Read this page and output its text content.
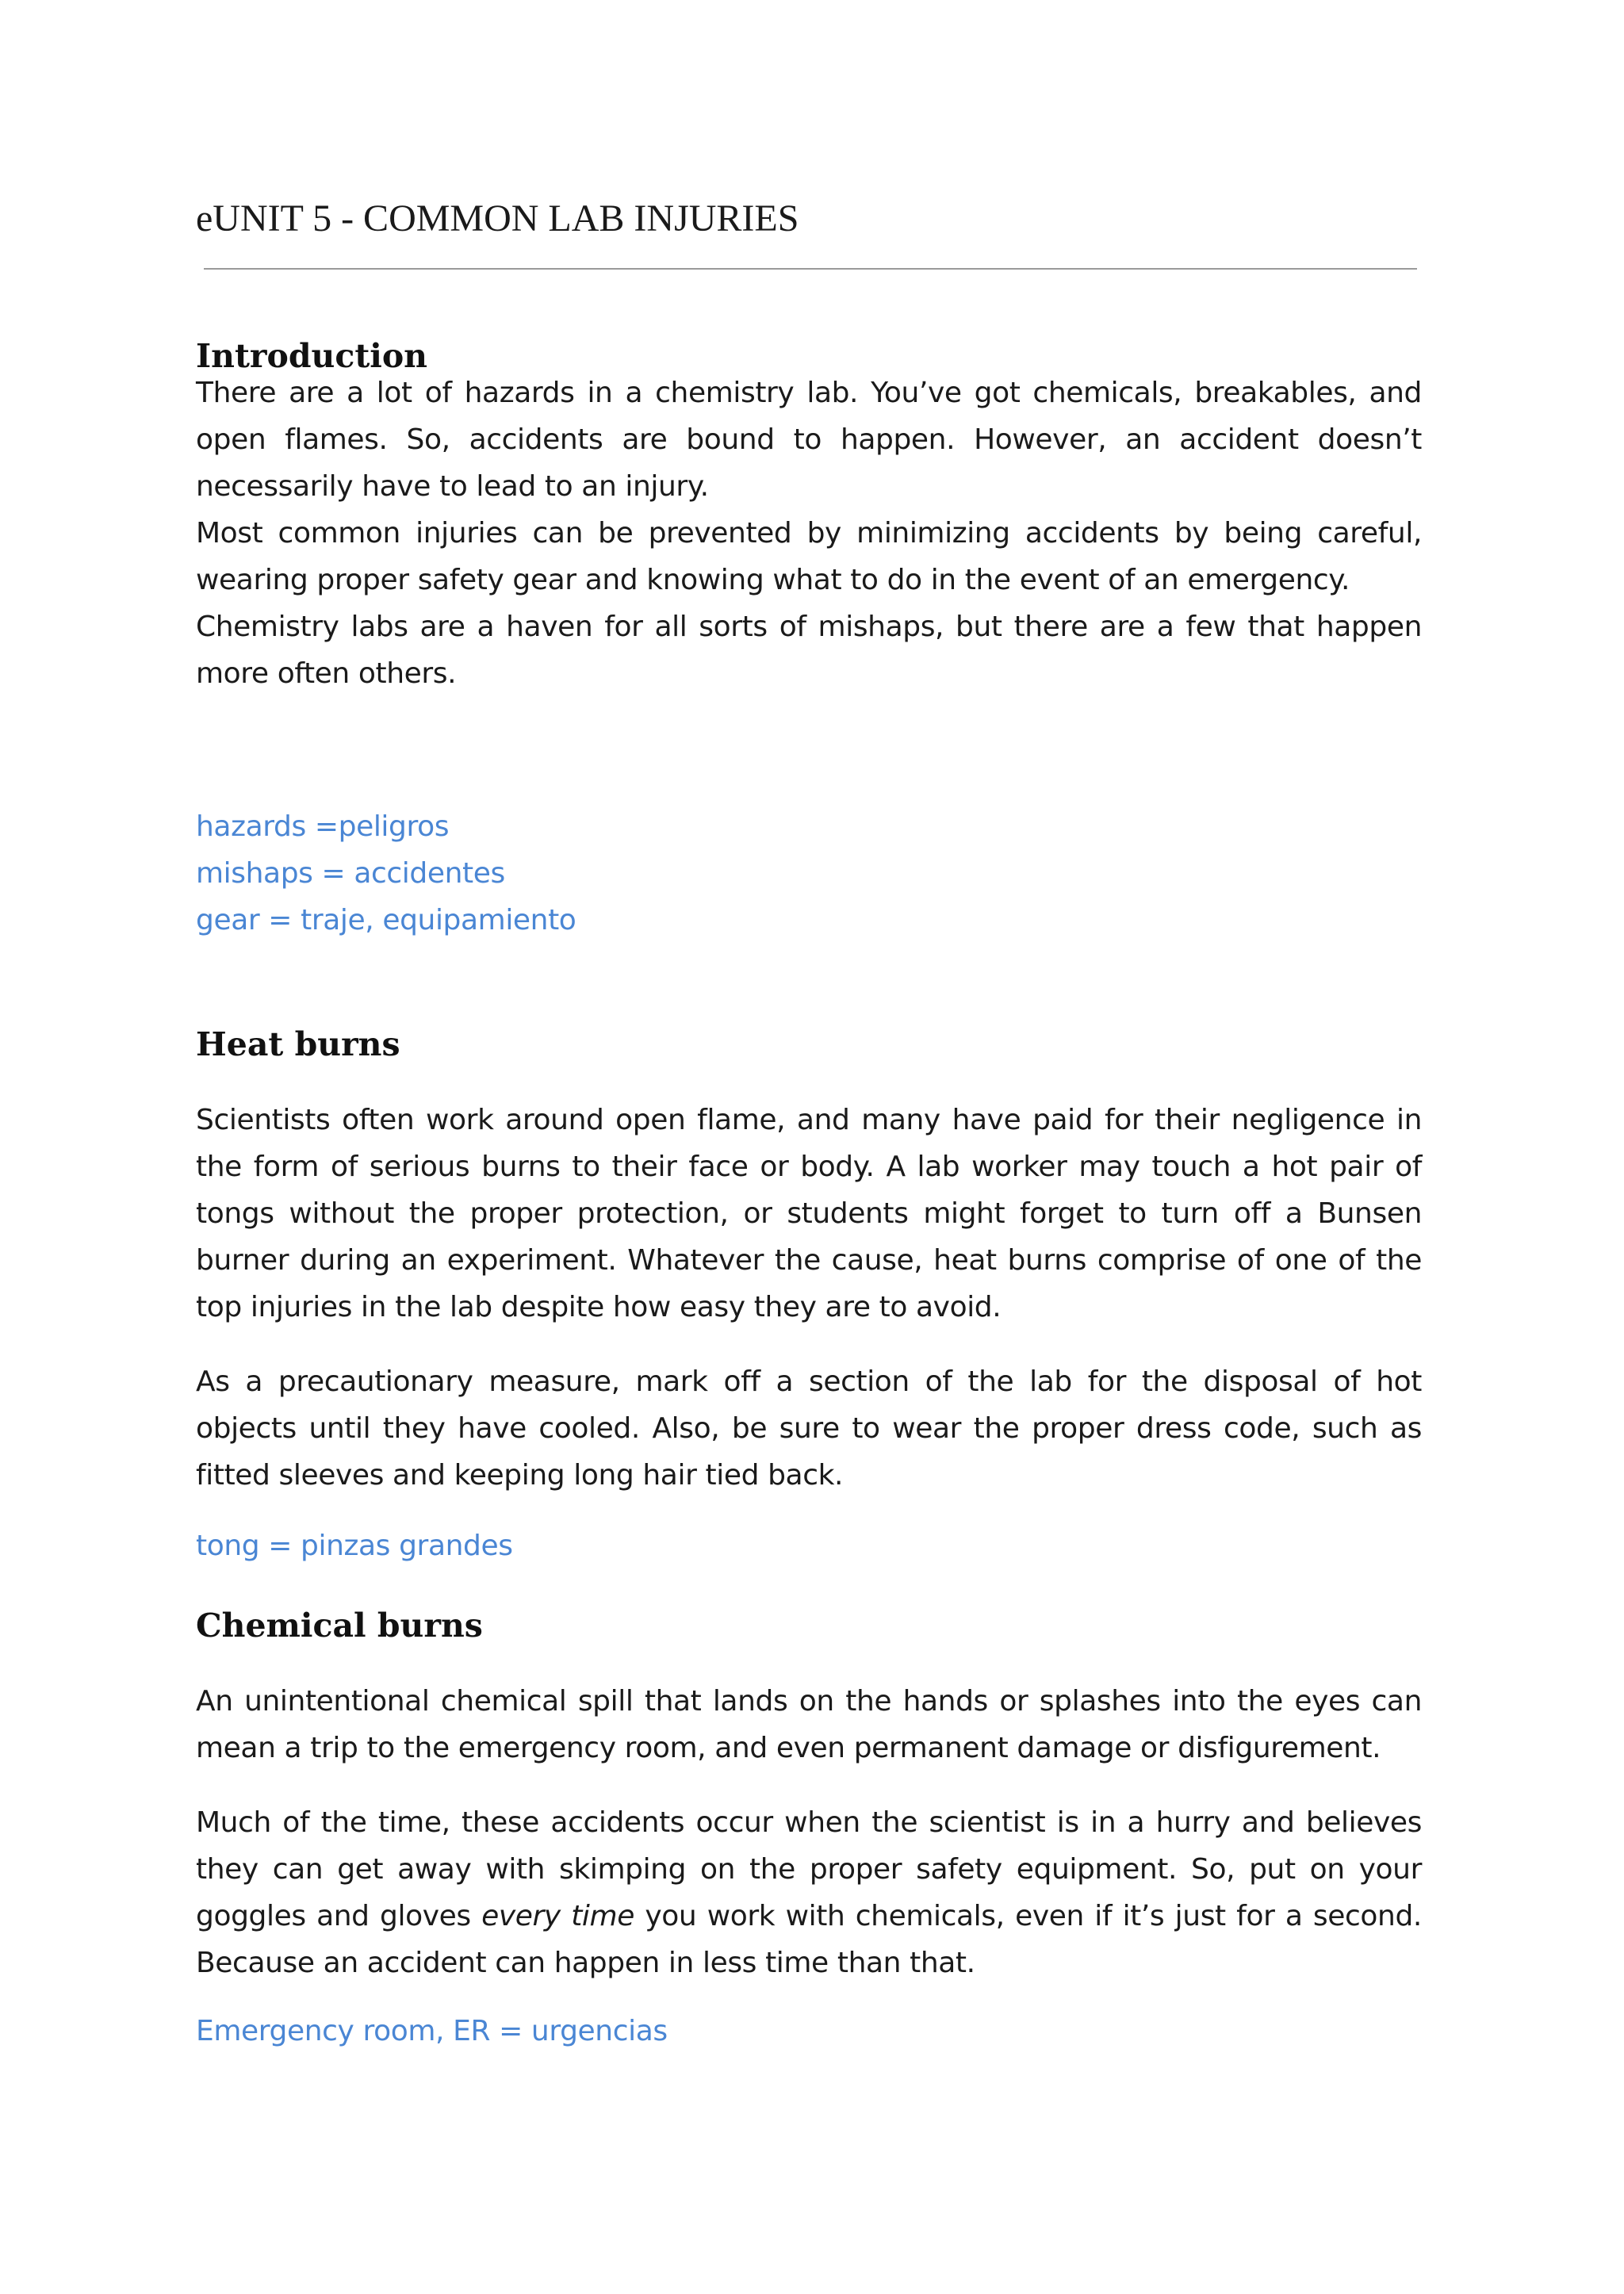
eUNIT 5 - COMMON LAB INJURIES
Introduction

There are a lot of hazards in a chemistry lab. You’ve got chemicals, breakables, and open flames. So, accidents are bound to happen. However, an accident doesn’t necessarily have to lead to an injury.

Most common injuries can be prevented by minimizing accidents by being careful, wearing proper safety gear and knowing what to do in the event of an emergency.

Chemistry labs are a haven for all sorts of mishaps, but there are a few that happen more often others.

hazards =peligros

mishaps = accidentes

gear = traje, equipamiento

Heat burns

Scientists often work around open flame, and many have paid for their negligence in the form of serious burns to their face or body. A lab worker may touch a hot pair of tongs without the proper protection, or students might forget to turn off a Bunsen burner during an experiment. Whatever the cause, heat burns comprise of one of the top injuries in the lab despite how easy they are to avoid.

As a precautionary measure, mark off a section of the lab for the disposal of hot objects until they have cooled. Also, be sure to wear the proper dress code, such as fitted sleeves and keeping long hair tied back.

tong = pinzas grandes

Chemical burns

An unintentional chemical spill that lands on the hands or splashes into the eyes can mean a trip to the emergency room, and even permanent damage or disfigurement.

Much of the time, these accidents occur when the scientist is in a hurry and believes they can get away with skimping on the proper safety equipment. So, put on your goggles and gloves every time you work with chemicals, even if it’s just for a second. Because an accident can happen in less time than that.

Emergency room, ER = urgencias
